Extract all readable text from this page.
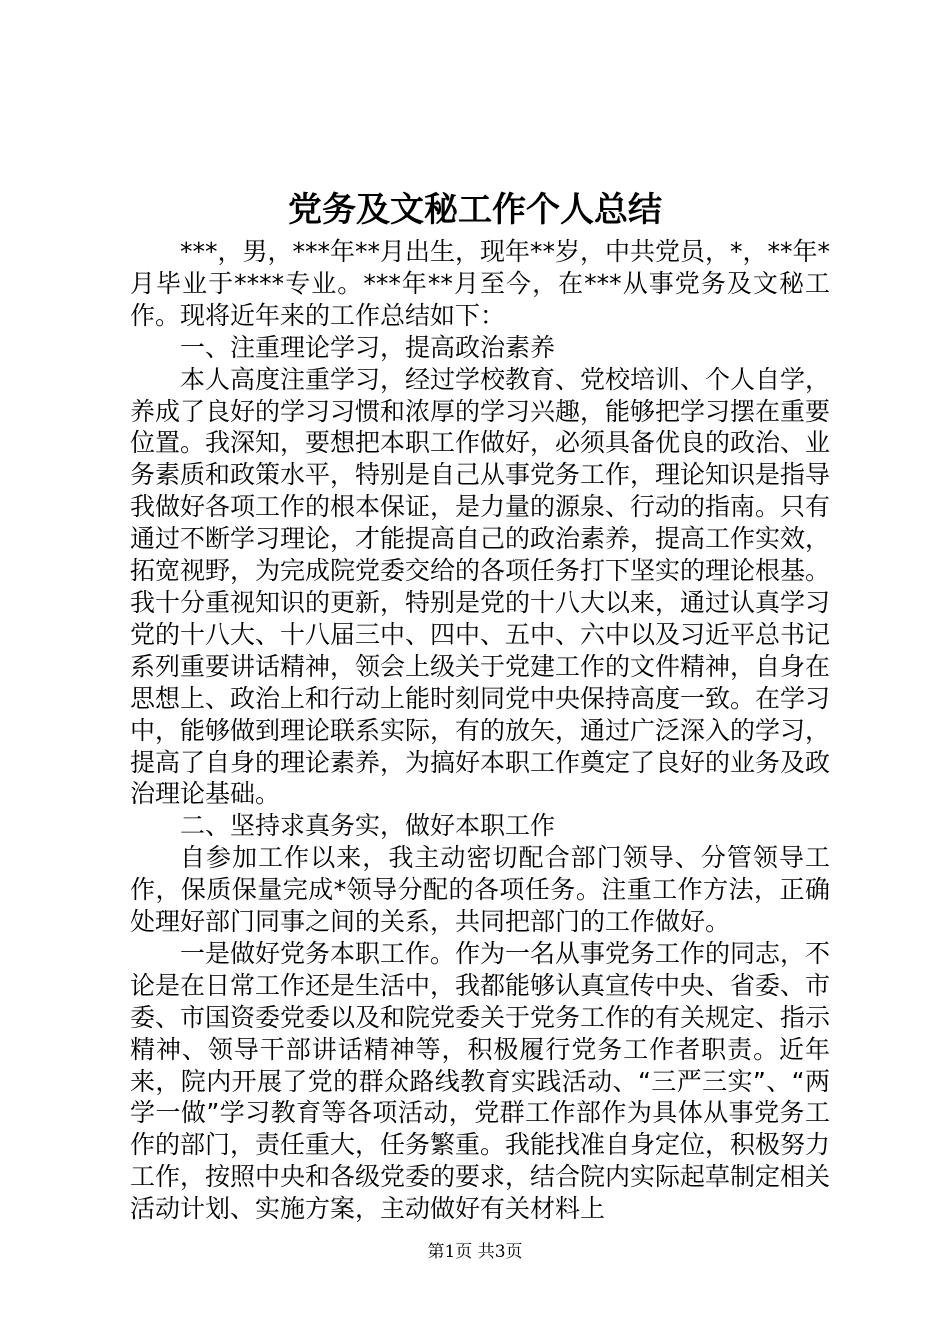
党务及文秘工作个人总结

***，男，***年**月出生，现年**岁，中共党员，*，**年*月毕业于****专业。***年**月至今，在***从事党务及文秘工作。现将近年来的工作总结如下：

一、注重理论学习，提高政治素养

本人高度注重学习，经过学校教育、党校培训、个人自学，养成了良好的学习习惯和浓厚的学习兴趣，能够把学习摆在重要位置。我深知，要想把本职工作做好，必须具备优良的政治、业务素质和政策水平，特别是自己从事党务工作，理论知识是指导我做好各项工作的根本保证，是力量的源泉、行动的指南。只有通过不断学习理论，才能提高自己的政治素养，提高工作实效，拓宽视野，为完成院党委交给的各项任务打下坚实的理论根基。我十分重视知识的更新，特别是党的十八大以来，通过认真学习党的十八大、十八届三中、四中、五中、六中以及习近平总书记系列重要讲话精神，领会上级关于党建工作的文件精神，自身在思想上、政治上和行动上能时刻同党中央保持高度一致。在学习中，能够做到理论联系实际，有的放矢，通过广泛深入的学习，提高了自身的理论素养，为搞好本职工作奠定了良好的业务及政治理论基础。

二、坚持求真务实，做好本职工作

自参加工作以来，我主动密切配合部门领导、分管领导工作，保质保量完成*领导分配的各项任务。注重工作方法，正确处理好部门同事之间的关系，共同把部门的工作做好。

一是做好党务本职工作。作为一名从事党务工作的同志，不论是在日常工作还是生活中，我都能够认真宣传中央、省委、市委、市国资委党委以及和院党委关于党务工作的有关规定、指示精神、领导干部讲话精神等，积极履行党务工作者职责。近年来，院内开展了党的群众路线教育实践活动、“三严三实”、“两学一做”学习教育等各项活动，党群工作部作为具体从事党务工作的部门，责任重大，任务繁重。我能找准自身定位，积极努力工作，按照中央和各级党委的要求，结合院内实际起草制定相关活动计划、实施方案，主动做好有关材料上

第1页 共3页
